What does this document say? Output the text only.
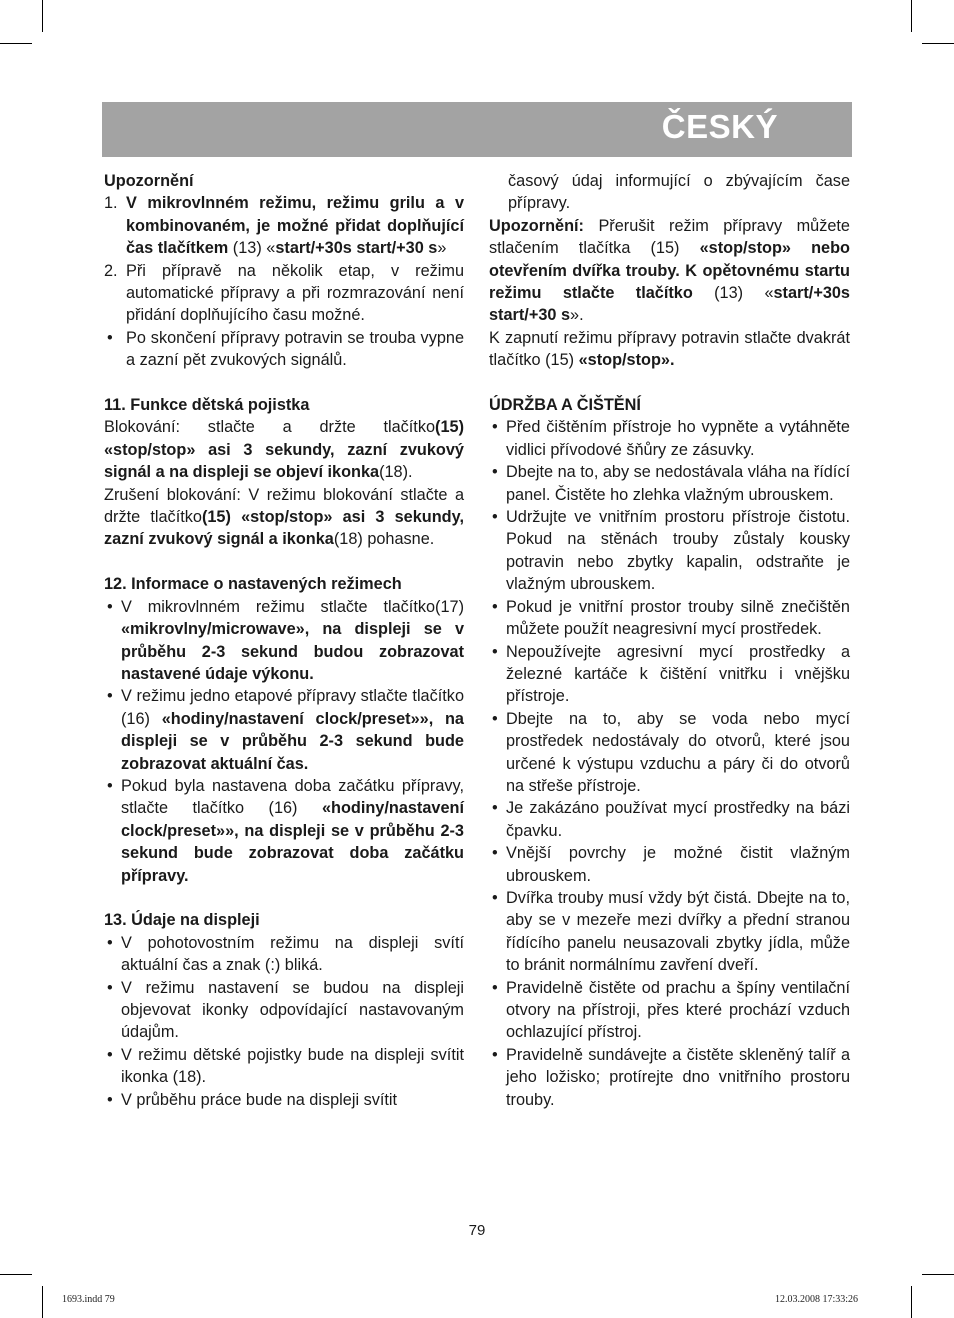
ČESKÝ

Upozornění

1. V mikrovlnném režimu, režimu grilu a v kombinovaném, je možné přidat doplňující čas tlačítkem (13) «start/+30s start/+30 s»

2. Při přípravě na několik etap, v režimu automatické přípravy a při rozmrazování není přidání doplňujícího času možné.

• Po skončení přípravy potravin se trouba vypne a zazní pět zvukových signálů.

11. Funkce dětská pojistka

Blokování: stlačte a držte tlačítko(15) «stop/stop» asi 3 sekundy, zazní zvukový signál a na displeji se objeví ikonka(18).

Zrušení blokování: V režimu blokování stlačte a držte tlačítko(15) «stop/stop» asi 3 sekundy, zazní zvukový signál a ikonka(18) pohasne.

12. Informace o nastavených režimech

• V mikrovlnném režimu stlačte tlačítko(17) «mikrovlny/microwave», na displeji se v průběhu 2-3 sekund budou zobrazovat nastavené údaje výkonu.

• V režimu jedno etapové přípravy stlačte tlačítko (16) «hodiny/nastavení clock/preset»», na displeji se v průběhu 2-3 sekund bude zobrazovat aktuální čas.

• Pokud byla nastavena doba začátku přípravy, stlačte tlačítko (16) «hodiny/nastavení clock/preset»», na displeji se v průběhu 2-3 sekund bude zobrazovat doba začátku přípravy.

13. Údaje na displeji

• V pohotovostním režimu na displeji svítí aktuální čas a znak (:) bliká.

• V režimu nastavení se budou na displeji objevovat ikonky odpovídající nastavovaným údajům.

• V režimu dětské pojistky bude na displeji svítit ikonka (18).

• V průběhu práce bude na displeji svítit

časový údaj informující o zbývajícím čase přípravy.

Upozornění: Přerušit režim přípravy můžete stlačením tlačítka (15) «stop/stop» nebo otevřením dvířka trouby. K opětovnému startu režimu stlačte tlačítko (13) «start/+30s start/+30 s».

K zapnutí režimu přípravy potravin stlačte dvakrát tlačítko (15) «stop/stop».

ÚDRŽBA A ČIŠTĚNÍ

• Před čištěním přístroje ho vypněte a vytáhněte vidlici přívodové šňůry ze zásuvky.

• Dbejte na to, aby se nedostávala vláha na řídící panel. Čistěte ho zlehka vlažným ubrouskem.

• Udržujte ve vnitřním prostoru přístroje čistotu. Pokud na stěnách trouby zůstaly kousky potravin nebo zbytky kapalin, odstraňte je vlažným ubrouskem.

• Pokud je vnitřní prostor trouby silně znečištěn můžete použít neagresivní mycí prostředek.

• Nepoužívejte agresivní mycí prostředky a železné kartáče k čištění vnitřku i vnějšku přístroje.

• Dbejte na to, aby se voda nebo mycí prostředek nedostávaly do otvorů, které jsou určené k výstupu vzduchu a páry či do otvorů na střeše přístroje.

• Je zakázáno používat mycí prostředky na bázi čpavku.

• Vnější povrchy je možné čistit vlažným ubrouskem.

• Dvířka trouby musí vždy být čistá. Dbejte na to, aby se v mezeře mezi dvířky a přední stranou řídícího panelu neusazovali zbytky jídla, může to bránit normálnímu zavření dveří.

• Pravidelně čistěte od prachu a špíny ventilační otvory na přístroji, přes které prochází vzduch ochlazující přístroj.

• Pravidelně sundávejte a čistěte skleněný talíř a jeho ložisko; protírejte dno vnitřního prostoru trouby.

79
1693.indd 79	12.03.2008 17:33:26
